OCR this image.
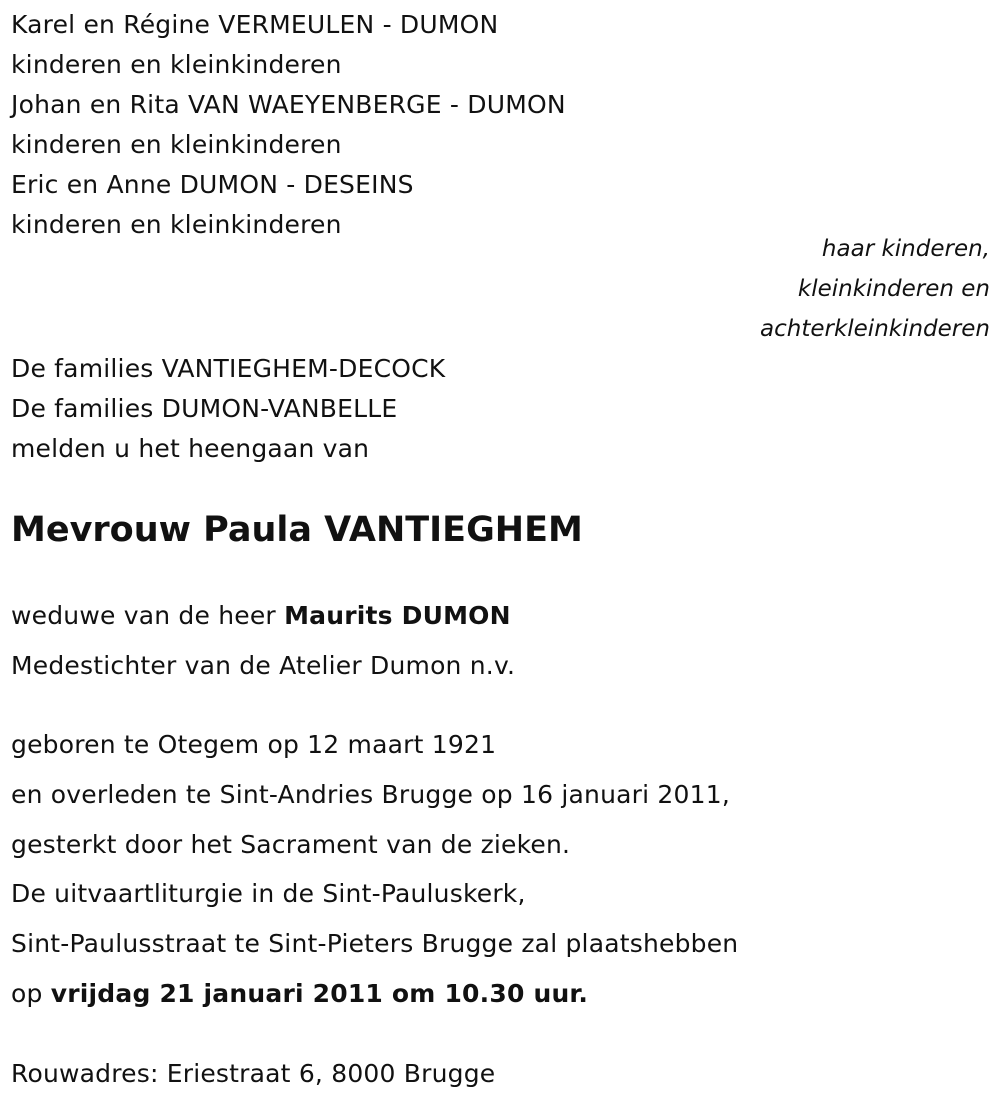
Karel en Régine VERMEULEN - DUMON
kinderen en kleinkinderen
Johan en Rita VAN WAEYENBERGE - DUMON
kinderen en kleinkinderen
Eric en Anne DUMON - DESEINS
kinderen en kleinkinderen
haar kinderen,
kleinkinderen en
achterkleinkinderen
De families VANTIEGHEM-DECOCK
De families DUMON-VANBELLE
melden u het heengaan van
Mevrouw Paula VANTIEGHEM
weduwe van de heer Maurits DUMON
Medestichter van de Atelier Dumon n.v.
geboren te Otegem op 12 maart 1921
en overleden te Sint-Andries Brugge op 16 januari 2011,
gesterkt door het Sacrament van de zieken.
De uitvaartliturgie in de Sint-Pauluskerk,
Sint-Paulusstraat te Sint-Pieters Brugge zal plaatshebben
op vrijdag 21 januari 2011 om 10.30 uur.
Rouwadres: Eriestraat 6, 8000 Brugge
